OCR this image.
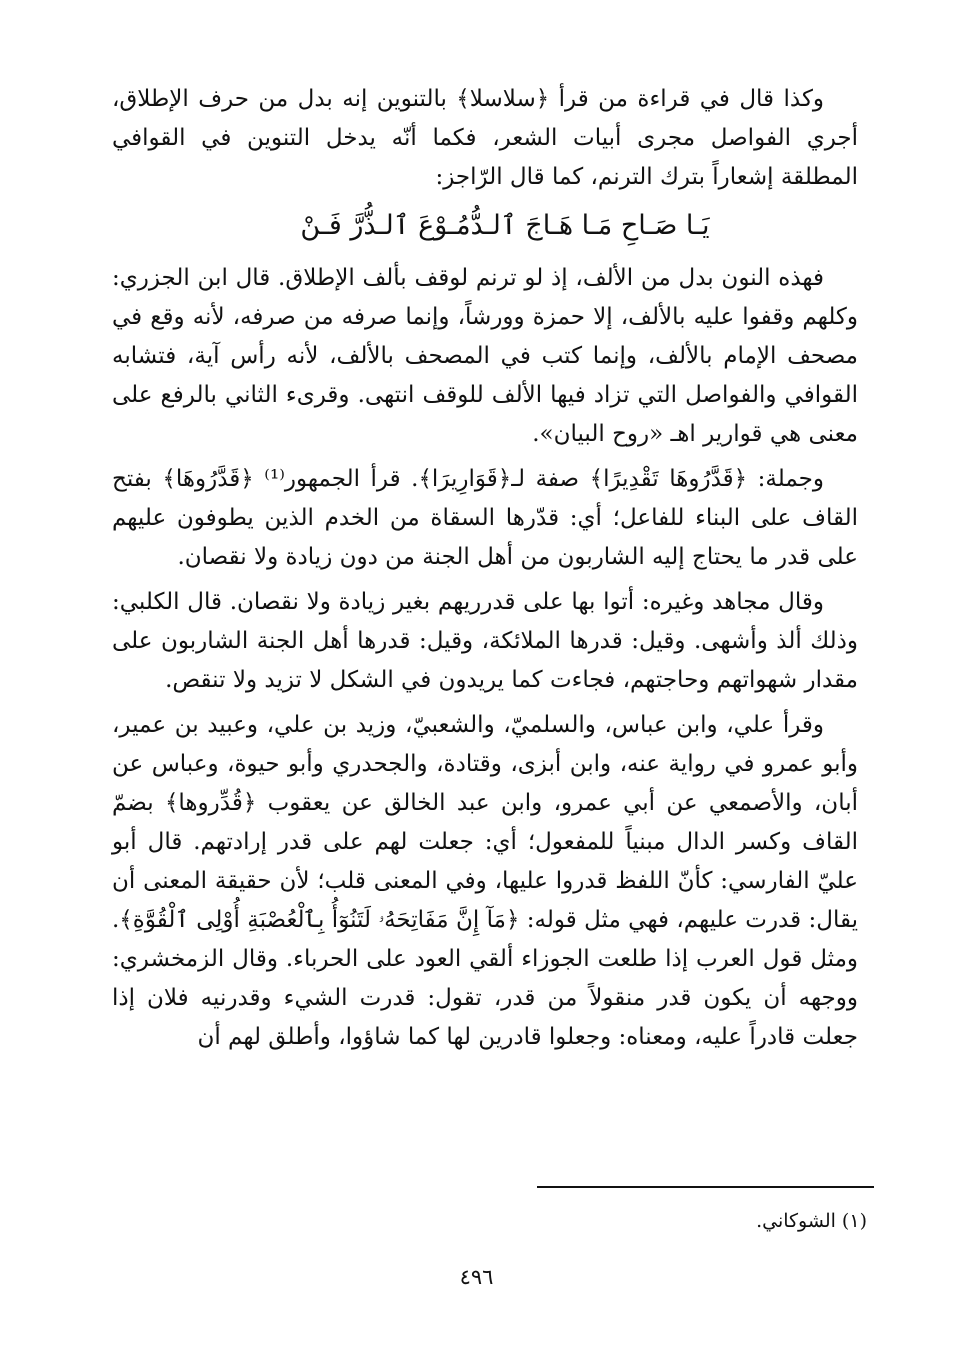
وكذا قال في قراءة من قرأ ﴿سلاسلا﴾ بالتنوين إنه بدل من حرف الإطلاق، أجري الفواصل مجرى أبيات الشعر، فكما أنّه يدخل التنوين في القوافي المطلقة إشعاراً بترك الترنم، كما قال الرّاجز:

يَـا صَـاحِ مَـا هَـاجَ ٱلـدُّمُـوْعَ ٱلـذُّرَّ فَـنْ

فهذه النون بدل من الألف، إذ لو ترنم لوقف بألف الإطلاق. قال ابن الجزري: وكلهم وقفوا عليه بالألف، إلا حمزة وورشاً، وإنما صرفه من صرفه، لأنه وقع في مصحف الإمام بالألف، وإنما كتب في المصحف بالألف، لأنه رأس آية، فتشابه القوافي والفواصل التي تزاد فيها الألف للوقف انتهى. وقرىء الثاني بالرفع على معنى هي قوارير اهـ «روح البيان».

وجملة: ﴿قَدَّرُوهَا تَقْدِيرًا﴾ صفة لـ﴿قَوَارِيرَا﴾. قرأ الجمهور⁽¹⁾ ﴿قَدَّرُوهَا﴾ بفتح القاف على البناء للفاعل؛ أي: قدّرها السقاة من الخدم الذين يطوفون عليهم على قدر ما يحتاج إليه الشاربون من أهل الجنة من دون زيادة ولا نقصان.

وقال مجاهد وغيره: أتوا بها على قدرريهم بغير زيادة ولا نقصان. قال الكلبي: وذلك ألذ وأشهى. وقيل: قدرها الملائكة، وقيل: قدرها أهل الجنة الشاربون على مقدار شهواتهم وحاجتهم، فجاءت كما يريدون في الشكل لا تزيد ولا تنقص.

وقرأ علي، وابن عباس، والسلميّ، والشعبيّ، وزيد بن علي، وعبيد بن عمير، وأبو عمرو في رواية عنه، وابن أبزى، وقتادة، والجحدري وأبو حيوة، وعباس عن أبان، والأصمعي عن أبي عمرو، وابن عبد الخالق عن يعقوب ﴿قُدِّروها﴾ بضمّ القاف وكسر الدال مبنياً للمفعول؛ أي: جعلت لهم على قدر إرادتهم. قال أبو عليّ الفارسي: كأنّ اللفظ قدروا عليها، وفي المعنى قلب؛ لأن حقيقة المعنى أن يقال: قدرت عليهم، فهي مثل قوله: ﴿مَآ إِنَّ مَفَاتِحَهُۥ لَتَنُوٓأُ بِٱلْعُصْبَةِ أُوْلِى ٱلْقُوَّةِ﴾. ومثل قول العرب إذا طلعت الجوزاء ألقي العود على الحرباء. وقال الزمخشري: ووجهه أن يكون قدر منقولاً من قدر، تقول: قدرت الشيء وقدرنيه فلان إذا جعلت قادراً عليه، ومعناه: وجعلوا قادرين لها كما شاؤوا، وأطلق لهم أن

(١) الشوكاني.
٤٩٦
